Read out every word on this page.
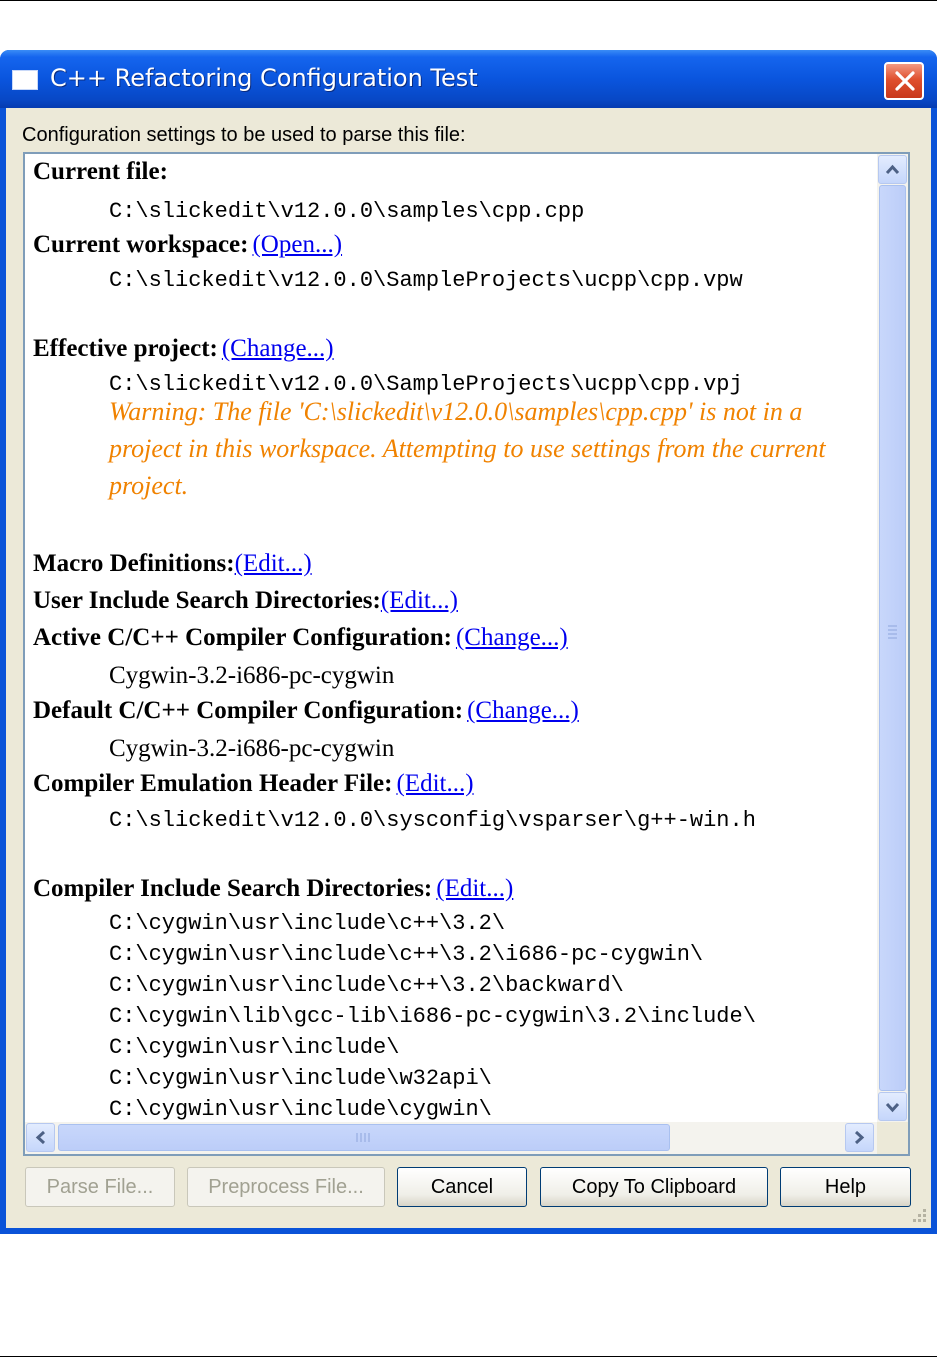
C++ Refactoring Configuration Test
Configuration settings to be used to parse this file:
Current file:
C:\slickedit\v12.0.0\samples\cpp.cpp
Current workspace: (Open...)
C:\slickedit\v12.0.0\SampleProjects\ucpp\cpp.vpw
Effective project: (Change...)
C:\slickedit\v12.0.0\SampleProjects\ucpp\cpp.vpj
Warning: The file 'C:\slickedit\v12.0.0\samples\cpp.cpp' is not in a project in this workspace. Attempting to use settings from the current project.
Macro Definitions:(Edit...)
User Include Search Directories:(Edit...)
Active C/C++ Compiler Configuration: (Change...)
Cygwin-3.2-i686-pc-cygwin
Default C/C++ Compiler Configuration: (Change...)
Cygwin-3.2-i686-pc-cygwin
Compiler Emulation Header File: (Edit...)
C:\slickedit\v12.0.0\sysconfig\vsparser\g++-win.h
Compiler Include Search Directories: (Edit...)
C:\cygwin\usr\include\c++\3.2\
C:\cygwin\usr\include\c++\3.2\i686-pc-cygwin\
C:\cygwin\usr\include\c++\3.2\backward\
C:\cygwin\lib\gcc-lib\i686-pc-cygwin\3.2\include\
C:\cygwin\usr\include\
C:\cygwin\usr\include\w32api\
C:\cygwin\usr\include\cygwin\
Parse File...	Preprocess File...	Cancel	Copy To Clipboard	Help
